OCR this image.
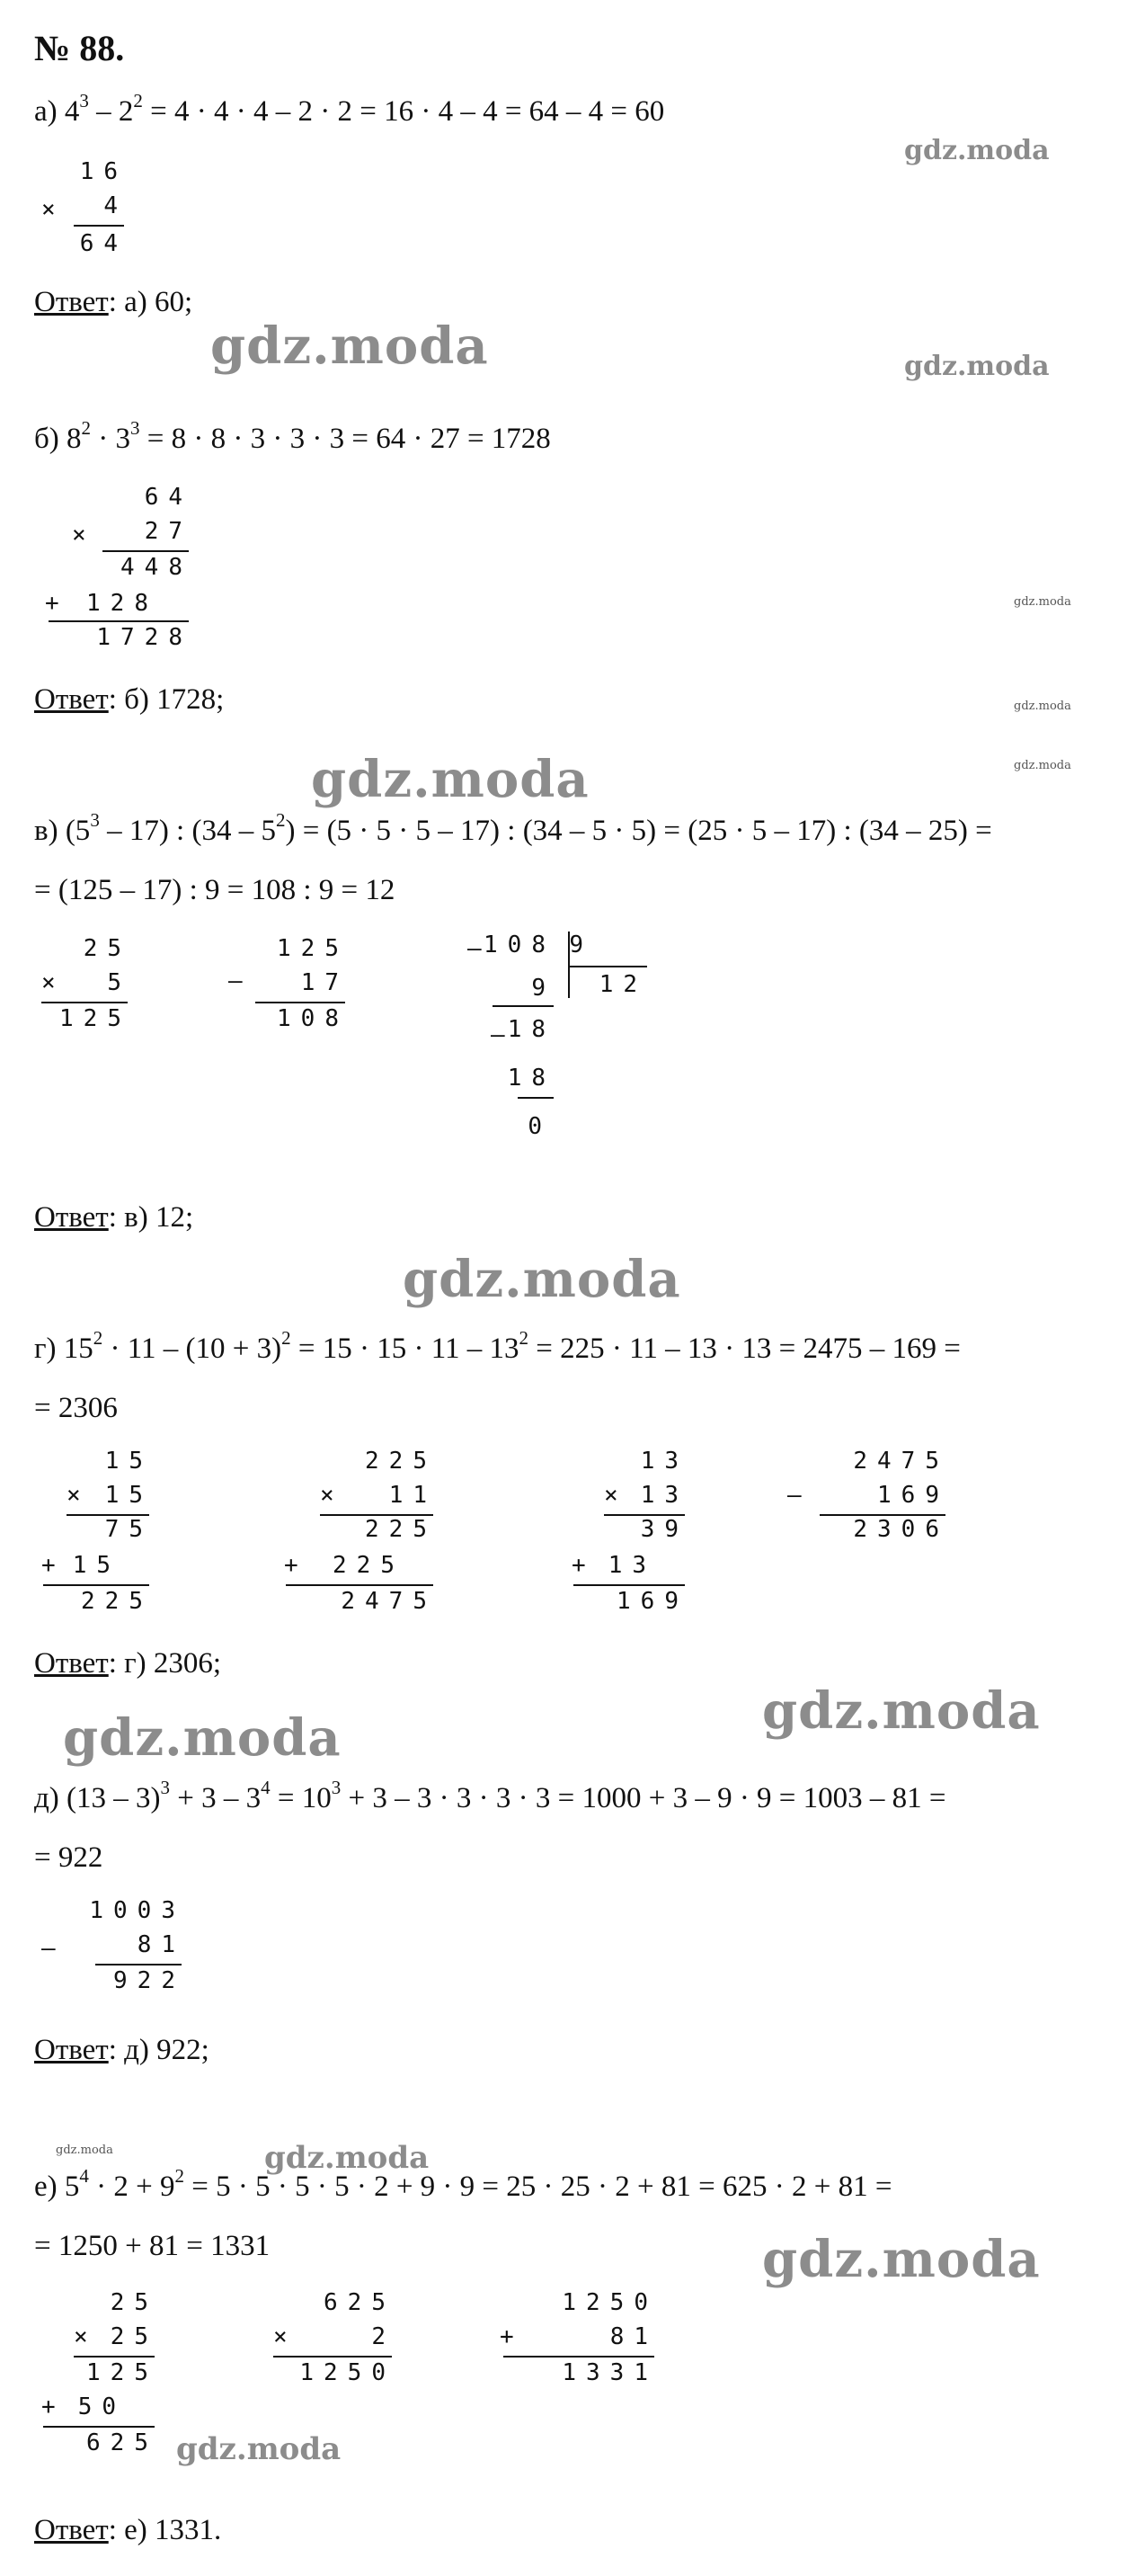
№ 88.
а) $4^3 - 2^2 = 4 \cdot 4 \cdot 4 - 2 \cdot 2 = 16 \cdot 4 - 4 = 64 - 4 = 60$
×
16
4
64
Ответ: а) 60;
б) $8^2 \cdot 3^3 = 8 \cdot 8 \cdot 3 \cdot 3 \cdot 3 = 64 \cdot 27 = 1728$
×
+
64
27
448
128
1728
Ответ: б) 1728;
в) $(5^3 - 17)$ : $(34 - 5^2) = (5 \cdot 5 \cdot 5 - 17)$ : (34 – 5 · 5) = (25 · 5 – 17) : (34 – 25) =
= (125 – 17) : 9 = 108 : 9 = 12
×
25
5
125
–
125
17
108
– 108 9
12
9
– 18
18
0
Ответ: в) 12;
г) $15^2 \cdot 11 - (10 + 3)^2 = 15 \cdot 15 \cdot 11 - 13^2 = 225 \cdot 11 - 13 \cdot 13 = 2475 - 169$ =
= 2306
×
+
15
15
75
15
225
×
+
225
11
225
225
2475
×
+
13
13
39
13
169
–
2475
169
2306
Ответ: г) 2306;
д) $(13 - 3)^3 + 3 - 3^4 = 10^3 + 3 - 3 \cdot 3 \cdot 3 \cdot 3 = 1000 + 3 - 9 \cdot 9 = 1003 - 81$ =
= 922
–
1003
81
922
Ответ: д) 922;
е) $5^4 \cdot 2 + 9^2 = 5 \cdot 5 \cdot 5 \cdot 5 \cdot 2 + 9 \cdot 9 = 25 \cdot 25 \cdot 2 + 81 = 625 \cdot 2 + 81$ =
= 1250 + 81 = 1331
×
+
25
25
125
50
625
×
625
2
1250
+
1250
81
1331
Ответ: е) 1331.
gdz.moda
gdz.moda	gdz.moda
gdz.moda
gdz.moda
gdz.moda
gdz.moda
gdz.moda
gdz.moda	gdz.moda
gdz.moda	gdz.moda
gdz.moda
gdz.moda
